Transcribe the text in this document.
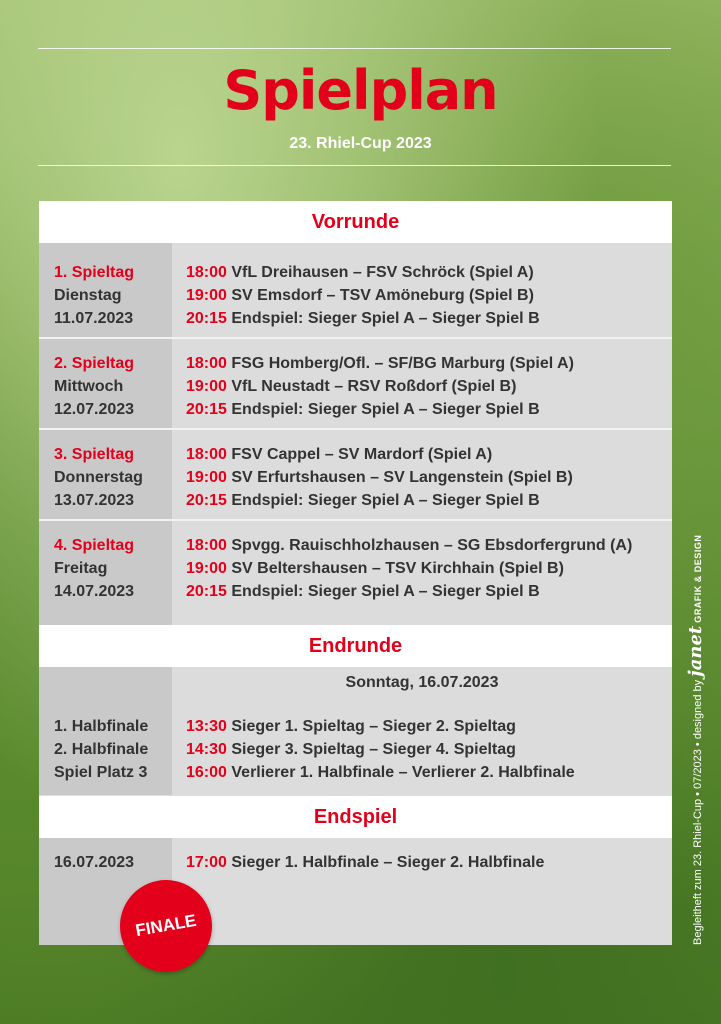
Spielplan
23. Rhiel-Cup 2023
Vorrunde
1. Spieltag
Dienstag
11.07.2023
18:00 VfL Dreihausen – FSV Schröck (Spiel A)
19:00 SV Emsdorf – TSV Amöneburg (Spiel B)
20:15 Endspiel: Sieger Spiel A – Sieger Spiel B
2. Spieltag
Mittwoch
12.07.2023
18:00 FSG Homberg/Ofl. – SF/BG Marburg (Spiel A)
19:00 VfL Neustadt – RSV Roßdorf (Spiel B)
20:15 Endspiel: Sieger Spiel A – Sieger Spiel B
3. Spieltag
Donnerstag
13.07.2023
18:00 FSV Cappel – SV Mardorf (Spiel A)
19:00 SV Erfurtshausen – SV Langenstein (Spiel B)
20:15 Endspiel: Sieger Spiel A – Sieger Spiel B
4. Spieltag
Freitag
14.07.2023
18:00 Spvgg. Rauischholzhausen – SG Ebsdorfergrund (A)
19:00 SV Beltershausen – TSV Kirchhain (Spiel B)
20:15 Endspiel: Sieger Spiel A – Sieger Spiel B
Endrunde
Sonntag, 16.07.2023
1. Halbfinale
2. Halbfinale
Spiel Platz 3
13:30 Sieger 1. Spieltag – Sieger 2. Spieltag
14:30 Sieger 3. Spieltag – Sieger 4. Spieltag
16:00 Verlierer 1. Halbfinale – Verlierer 2. Halbfinale
Endspiel
16.07.2023	17:00 Sieger 1. Halbfinale – Sieger 2. Halbfinale
FINALE	Begleitheft zum 23. Rhiel-Cup • 07/2023 • designed by janet GRAFIK & DESIGN
